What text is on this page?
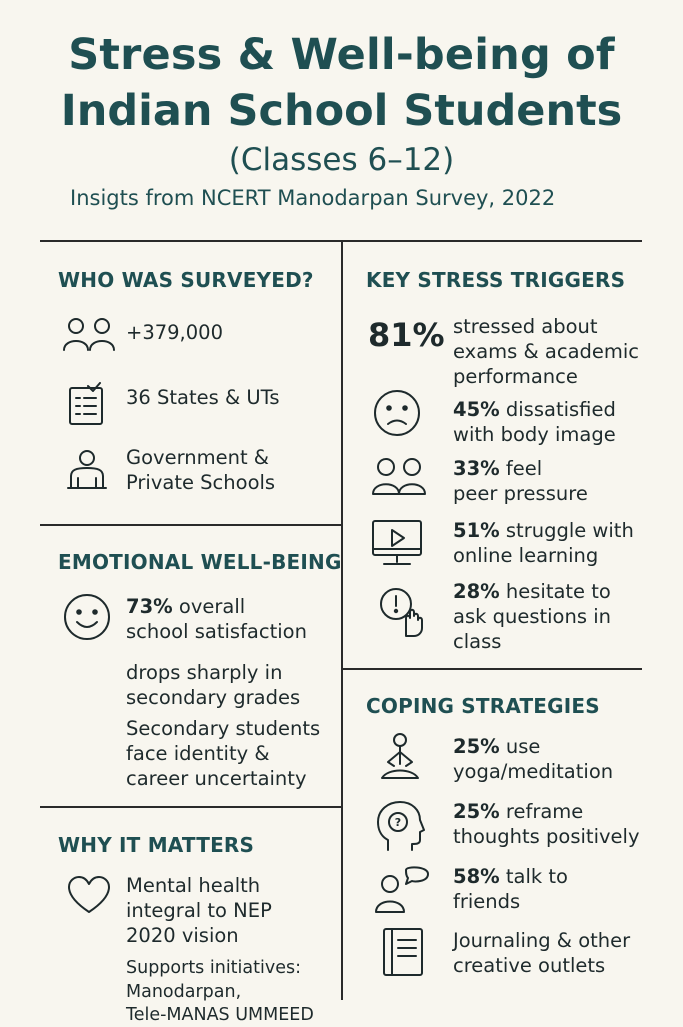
Stress & Well-being of
Indian School Students
(Classes 6–12)
Insigts from NCERT Manodarpan Survey, 2022
WHO WAS SURVEYED?
+379,000
36 States & UTs
Government &
Private Schools
EMOTIONAL WELL-BEING
73% overall
school satisfaction
drops sharply in
secondary grades
Secondary students
face identity &
career uncertainty
WHY IT MATTERS
Mental health
integral to NEP
2020 vision
Supports initiatives:
Manodarpan,
Tele-MANAS UMMEED
KEY STRESS TRIGGERS
81% stressed about
exams & academic
performance
45% dissatisfied
with body image
33% feel
peer pressure
51% struggle with
online learning
28% hesitate to
ask questions in
class
COPING STRATEGIES
25% use
yoga/meditation
?	25% reframe
thoughts positively
58% talk to
friends
Journaling & other
creative outlets
